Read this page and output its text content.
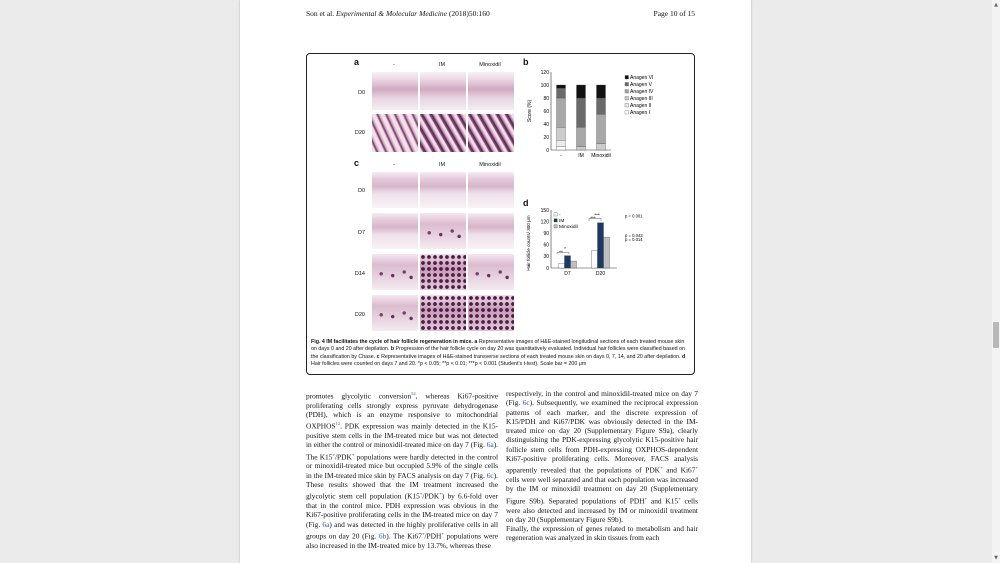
Son et al. Experimental & Molecular Medicine (2018)50:160	Page 10 of 15
a	-	IM	Minoxidil
D0
D20
c	-	IM	Minoxidil
D0
D7
D14
D20
b
0
20
40
60
80
100
120
Score (%)
-	IM Minoxidil
Anagen VI
Anagen V
Anagen IV
Anagen III
Anagen II
Anagen I
d
0
30
60
90
120
150
Hair follicle counts/ 300 μm
D7	D20
-
IM
Minoxidil
**
*
***
***	p = 0.001
p = 0.043
p = 0.014
Fig. 4 IM facilitates the cycle of hair follicle regeneration in mice. a Representative images of H&E-stained longitudinal sections of each treated mouse skin on days 0 and 20 after depilation. b Progression of the hair follicle cycle on day 20 was quantitatively evaluated. Individual hair follicles were classified based on the classification by Chase. c Representative images of H&E-stained transverse sections of each treated mouse skin on days 0, 7, 14, and 20 after depilation. d Hair follicles were counted on days 7 and 20. *p < 0.05; **p < 0.01; ***p < 0.001 (Student's t-test). Scale bar = 200 μm
promotes glycolytic conversion$^{54}$, whereas Ki67-positive proliferating cells strongly express pyruvate dehydrogenase (PDH), which is an enzyme responsive to mitochondrial OXPHOS$^{12}$. PDK expression was mainly detected in the K15-positive stem cells in the IM-treated mice but was not detected in either the control or minoxidil-treated mice on day 7 (Fig. 6a). The K15+/PDK+ populations were hardly detected in the control or minoxidil-treated mice but occupied 5.9% of the single cells in the IM-treated mice skin by FACS analysis on day 7 (Fig. 6c). These results showed that the IM treatment increased the glycolytic stem cell population (K15+/PDK+) by 6.6-fold over that in the control mice. PDH expression was obvious in the Ki67-positive proliferating cells in the IM-treated mice on day 7 (Fig. 6a) and was detected in the highly proliferative cells in all groups on day 20 (Fig. 6b). The Ki67+/PDH+ populations were also increased in the IM-treated mice by 13.7%, whereas these
respectively, in the control and minoxidil-treated mice on day 7 (Fig. 6c). Subsequently, we examined the reciprocal expression patterns of each marker, and the discrete expression of K15/PDH and Ki67/PDK was obviously detected in the IM-treated mice on day 20 (Supplementary Figure S9a), clearly distinguishing the PDK-expressing glycolytic K15-positive hair follicle stem cells from PDH-expressing OXPHOS-dependent Ki67-positive proliferating cells. Moreover, FACS analysis apparently revealed that the populations of PDK+ and Ki67+ cells were well separated and that each population was increased by the IM or minoxidil treatment on day 20 (Supplementary Figure S9b). Separated populations of PDH+ and K15+ cells were also detected and increased by IM or minoxidil treatment on day 20 (Supplementary Figure S9b).
Finally, the expression of genes related to metabolism and hair regeneration was analyzed in skin tissues from each
▲
▼
